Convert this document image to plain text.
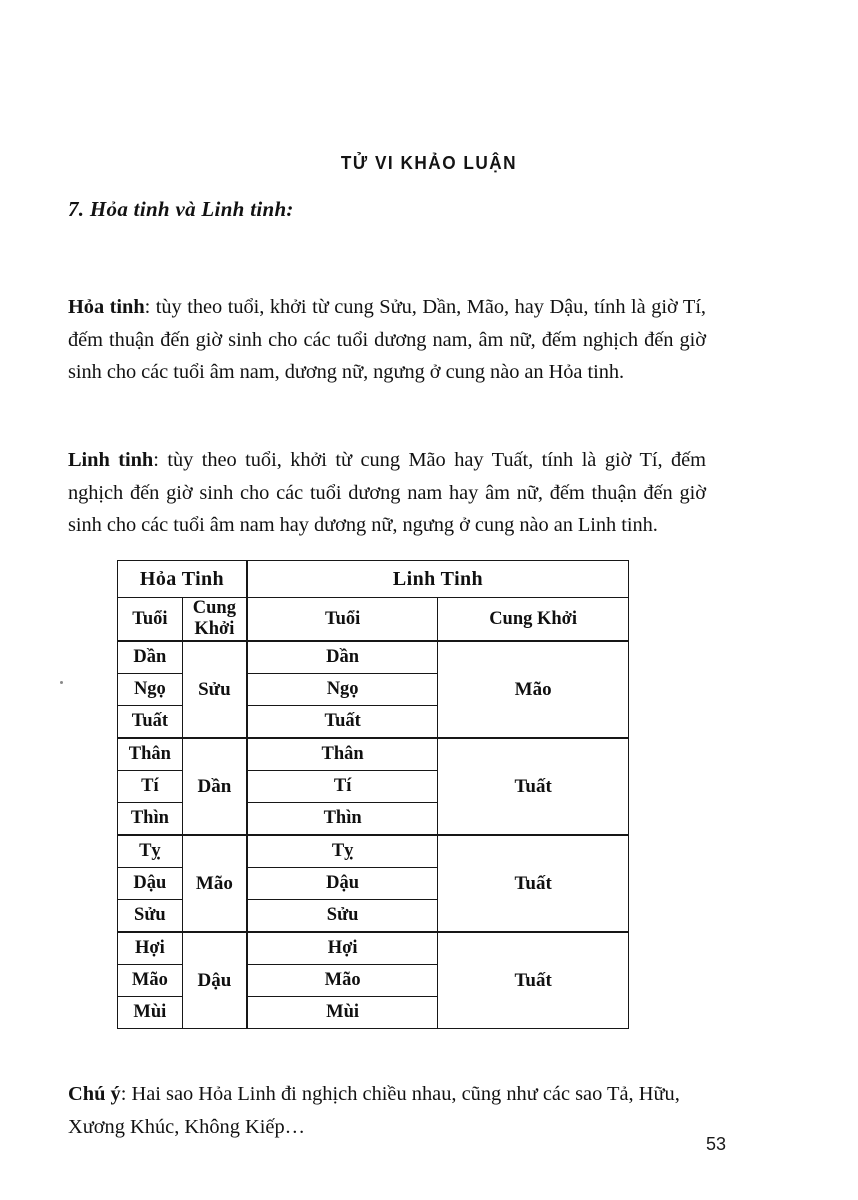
TỬ VI KHẢO LUẬN
7. Hỏa tinh và Linh tinh:

Hỏa tinh: tùy theo tuổi, khởi từ cung Sửu, Dần, Mão, hay Dậu, tính là giờ Tí, đếm thuận đến giờ sinh cho các tuổi dương nam, âm nữ, đếm nghịch đến giờ sinh cho các tuổi âm nam, dương nữ, ngưng ở cung nào an Hỏa tinh.

Linh tinh: tùy theo tuổi, khởi từ cung Mão hay Tuất, tính là giờ Tí, đếm nghịch đến giờ sinh cho các tuổi dương nam hay âm nữ, đếm thuận đến giờ sinh cho các tuổi âm nam hay dương nữ, ngưng ở cung nào an Linh tinh.

Hỏa Tinh		Linh Tinh	
Tuổi	Cung Khởi	Tuổi	Cung Khởi
Dần	Sửu	Dần	Mão
Ngọ		Ngọ	
Tuất		Tuất	
Thân	Dần	Thân	Tuất
Tí		Tí	
Thìn		Thìn	
Tỵ	Mão	Tỵ	Tuất
Dậu		Dậu	
Sửu		Sửu	
Hợi	Dậu	Hợi	Tuất
Mão		Mão	
Mùi		Mùi	

Chú ý: Hai sao Hỏa Linh đi nghịch chiều nhau, cũng như các sao Tả, Hữu, Xương Khúc, Không Kiếp…

53
